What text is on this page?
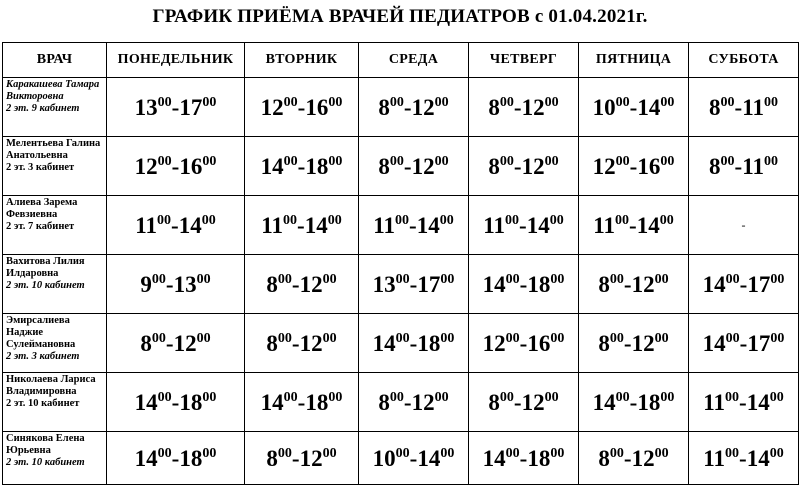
ГРАФИК ПРИЁМА ВРАЧЕЙ ПЕДИАТРОВ с 01.04.2021г.
ВРАЧ	ПОНЕДЕЛЬНИК	ВТОРНИК	СРЕДА	ЧЕТВЕРГ	ПЯТНИЦА	СУББОТА

Каракашева Тамара Викторовна
2 эт. 9 кабинет	$13^{00}-17^{00}$	$12^{00}-16^{00}$	$8^{00}-12^{00}$	$8^{00}-12^{00}$	$10^{00}-14^{00}$	$8^{00}-11^{00}$

Мелентьева Галина Анатольевна
2 эт. 3 кабинет	$12^{00}-16^{00}$	$14^{00}-18^{00}$	$8^{00}-12^{00}$	$8^{00}-12^{00}$	$12^{00}-16^{00}$	$8^{00}-11^{00}$

Алиева Зарема Февзиевна
2 эт. 7 кабинет	$11^{00}-14^{00}$	$11^{00}-14^{00}$	$11^{00}-14^{00}$	$11^{00}-14^{00}$	$11^{00}-14^{00}$	-

Вахитова Лилия Илдаровна
2 эт. 10 кабинет	$9^{00}-13^{00}$	$8^{00}-12^{00}$	$13^{00}-17^{00}$	$14^{00}-18^{00}$	$8^{00}-12^{00}$	$14^{00}-17^{00}$

Эмирсалиева Наджие Сулеймановна
2 эт. 3 кабинет	$8^{00}-12^{00}$	$8^{00}-12^{00}$	$14^{00}-18^{00}$	$12^{00}-16^{00}$	$8^{00}-12^{00}$	$14^{00}-17^{00}$

Николаева Лариса Владимировна
2 эт. 10 кабинет	$14^{00}-18^{00}$	$14^{00}-18^{00}$	$8^{00}-12^{00}$	$8^{00}-12^{00}$	$14^{00}-18^{00}$	$11^{00}-14^{00}$

Синякова Елена Юрьевна
2 эт. 10 кабинет	$14^{00}-18^{00}$	$8^{00}-12^{00}$	$10^{00}-14^{00}$	$14^{00}-18^{00}$	$8^{00}-12^{00}$	$11^{00}-14^{00}$
